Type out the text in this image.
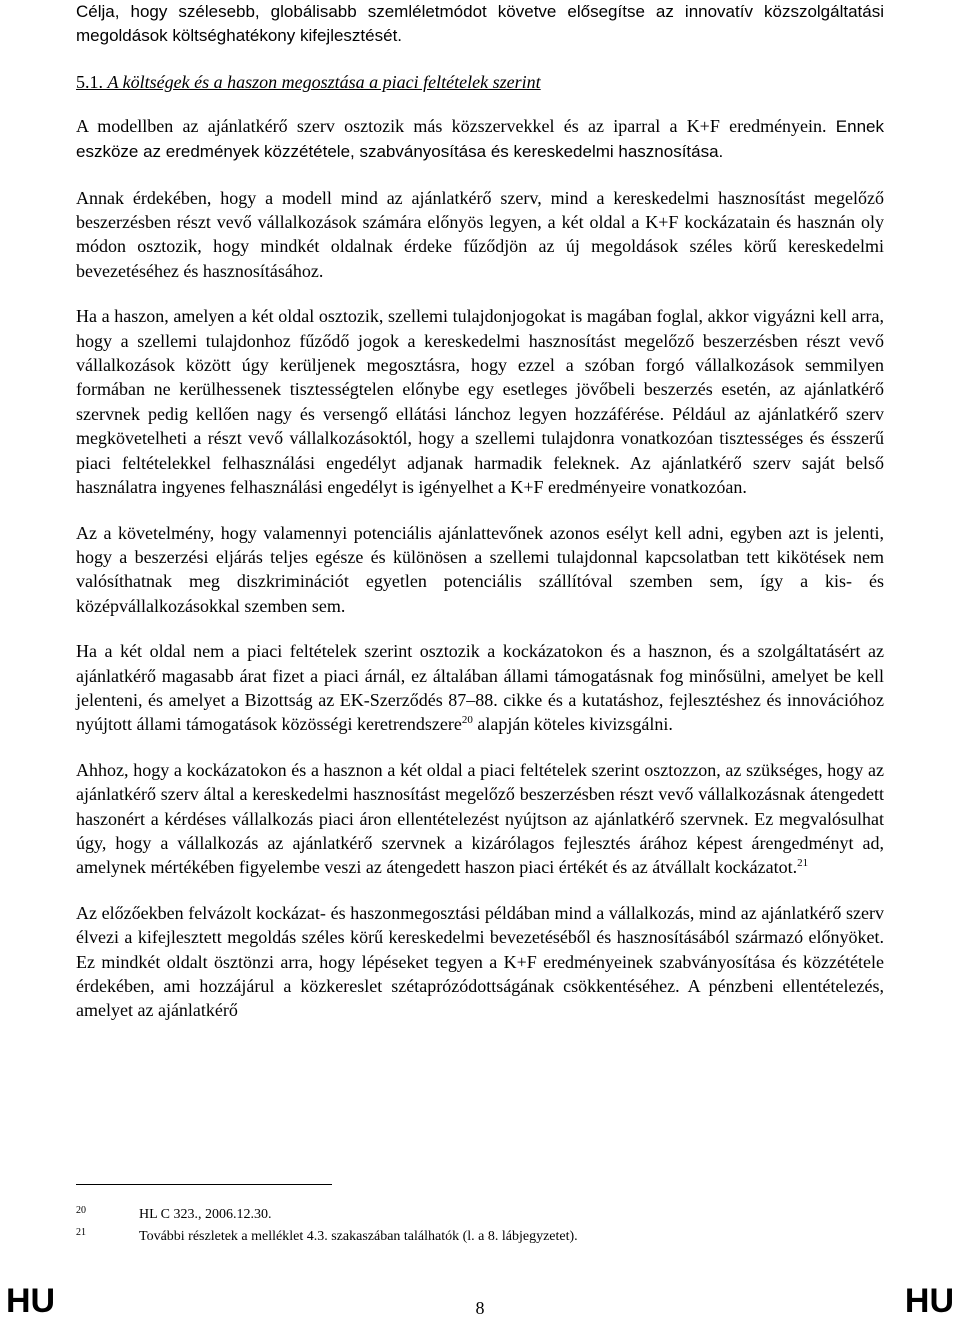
Célja, hogy szélesebb, globálisabb szemléletmódot követve elősegítse az innovatív közszolgáltatási megoldások költséghatékony kifejlesztését.

5.1. A költségek és a haszon megosztása a piaci feltételek szerint

A modellben az ajánlatkérő szerv osztozik más közszervekkel és az iparral a K+F eredményein. Ennek eszköze az eredmények közzététele, szabványosítása és kereskedelmi hasznosítása.

Annak érdekében, hogy a modell mind az ajánlatkérő szerv, mind a kereskedelmi hasznosítást megelőző beszerzésben részt vevő vállalkozások számára előnyös legyen, a két oldal a K+F kockázatain és hasznán oly módon osztozik, hogy mindkét oldalnak érdeke fűződjön az új megoldások széles körű kereskedelmi bevezetéséhez és hasznosításához.

Ha a haszon, amelyen a két oldal osztozik, szellemi tulajdonjogokat is magában foglal, akkor vigyázni kell arra, hogy a szellemi tulajdonhoz fűződő jogok a kereskedelmi hasznosítást megelőző beszerzésben részt vevő vállalkozások között úgy kerüljenek megosztásra, hogy ezzel a szóban forgó vállalkozások semmilyen formában ne kerülhessenek tisztességtelen előnybe egy esetleges jövőbeli beszerzés esetén, az ajánlatkérő szervnek pedig kellően nagy és versengő ellátási lánchoz legyen hozzáférése. Például az ajánlatkérő szerv megkövetelheti a részt vevő vállalkozásoktól, hogy a szellemi tulajdonra vonatkozóan tisztességes és ésszerű piaci feltételekkel felhasználási engedélyt adjanak harmadik feleknek. Az ajánlatkérő szerv saját belső használatra ingyenes felhasználási engedélyt is igényelhet a K+F eredményeire vonatkozóan.

Az a követelmény, hogy valamennyi potenciális ajánlattevőnek azonos esélyt kell adni, egyben azt is jelenti, hogy a beszerzési eljárás teljes egésze és különösen a szellemi tulajdonnal kapcsolatban tett kikötések nem valósíthatnak meg diszkriminációt egyetlen potenciális szállítóval szemben sem, így a kis- és középvállalkozásokkal szemben sem.

Ha a két oldal nem a piaci feltételek szerint osztozik a kockázatokon és a hasznon, és a szolgáltatásért az ajánlatkérő magasabb árat fizet a piaci árnál, ez általában állami támogatásnak fog minősülni, amelyet be kell jelenteni, és amelyet a Bizottság az EK-Szerződés 87–88. cikke és a kutatáshoz, fejlesztéshez és innovációhoz nyújtott állami támogatások közösségi keretrendszere$^{20}$ alapján köteles kivizsgálni.

Ahhoz, hogy a kockázatokon és a hasznon a két oldal a piaci feltételek szerint osztozzon, az szükséges, hogy az ajánlatkérő szerv által a kereskedelmi hasznosítást megelőző beszerzésben részt vevő vállalkozásnak átengedett haszonért a kérdéses vállalkozás piaci áron ellentételezést nyújtson az ajánlatkérő szervnek. Ez megvalósulhat úgy, hogy a vállalkozás az ajánlatkérő szervnek a kizárólagos fejlesztés árához képest árengedményt ad, amelynek mértékében figyelembe veszi az átengedett haszon piaci értékét és az átvállalt kockázatot.$^{21}$

Az előzőekben felvázolt kockázat- és haszonmegosztási példában mind a vállalkozás, mind az ajánlatkérő szerv élvezi a kifejlesztett megoldás széles körű kereskedelmi bevezetéséből és hasznosításából származó előnyöket. Ez mindkét oldalt ösztönzi arra, hogy lépéseket tegyen a K+F eredményeinek szabványosítása és közzététele érdekében, ami hozzájárul a közkereslet szétaprózódottságának csökkentéséhez. A pénzbeni ellentételezés, amelyet az ajánlatkérő

20	HL C 323., 2006.12.30.
21	További részletek a melléklet 4.3. szakaszában találhatók (l. a 8. lábjegyzetet).
HU	8	HU
